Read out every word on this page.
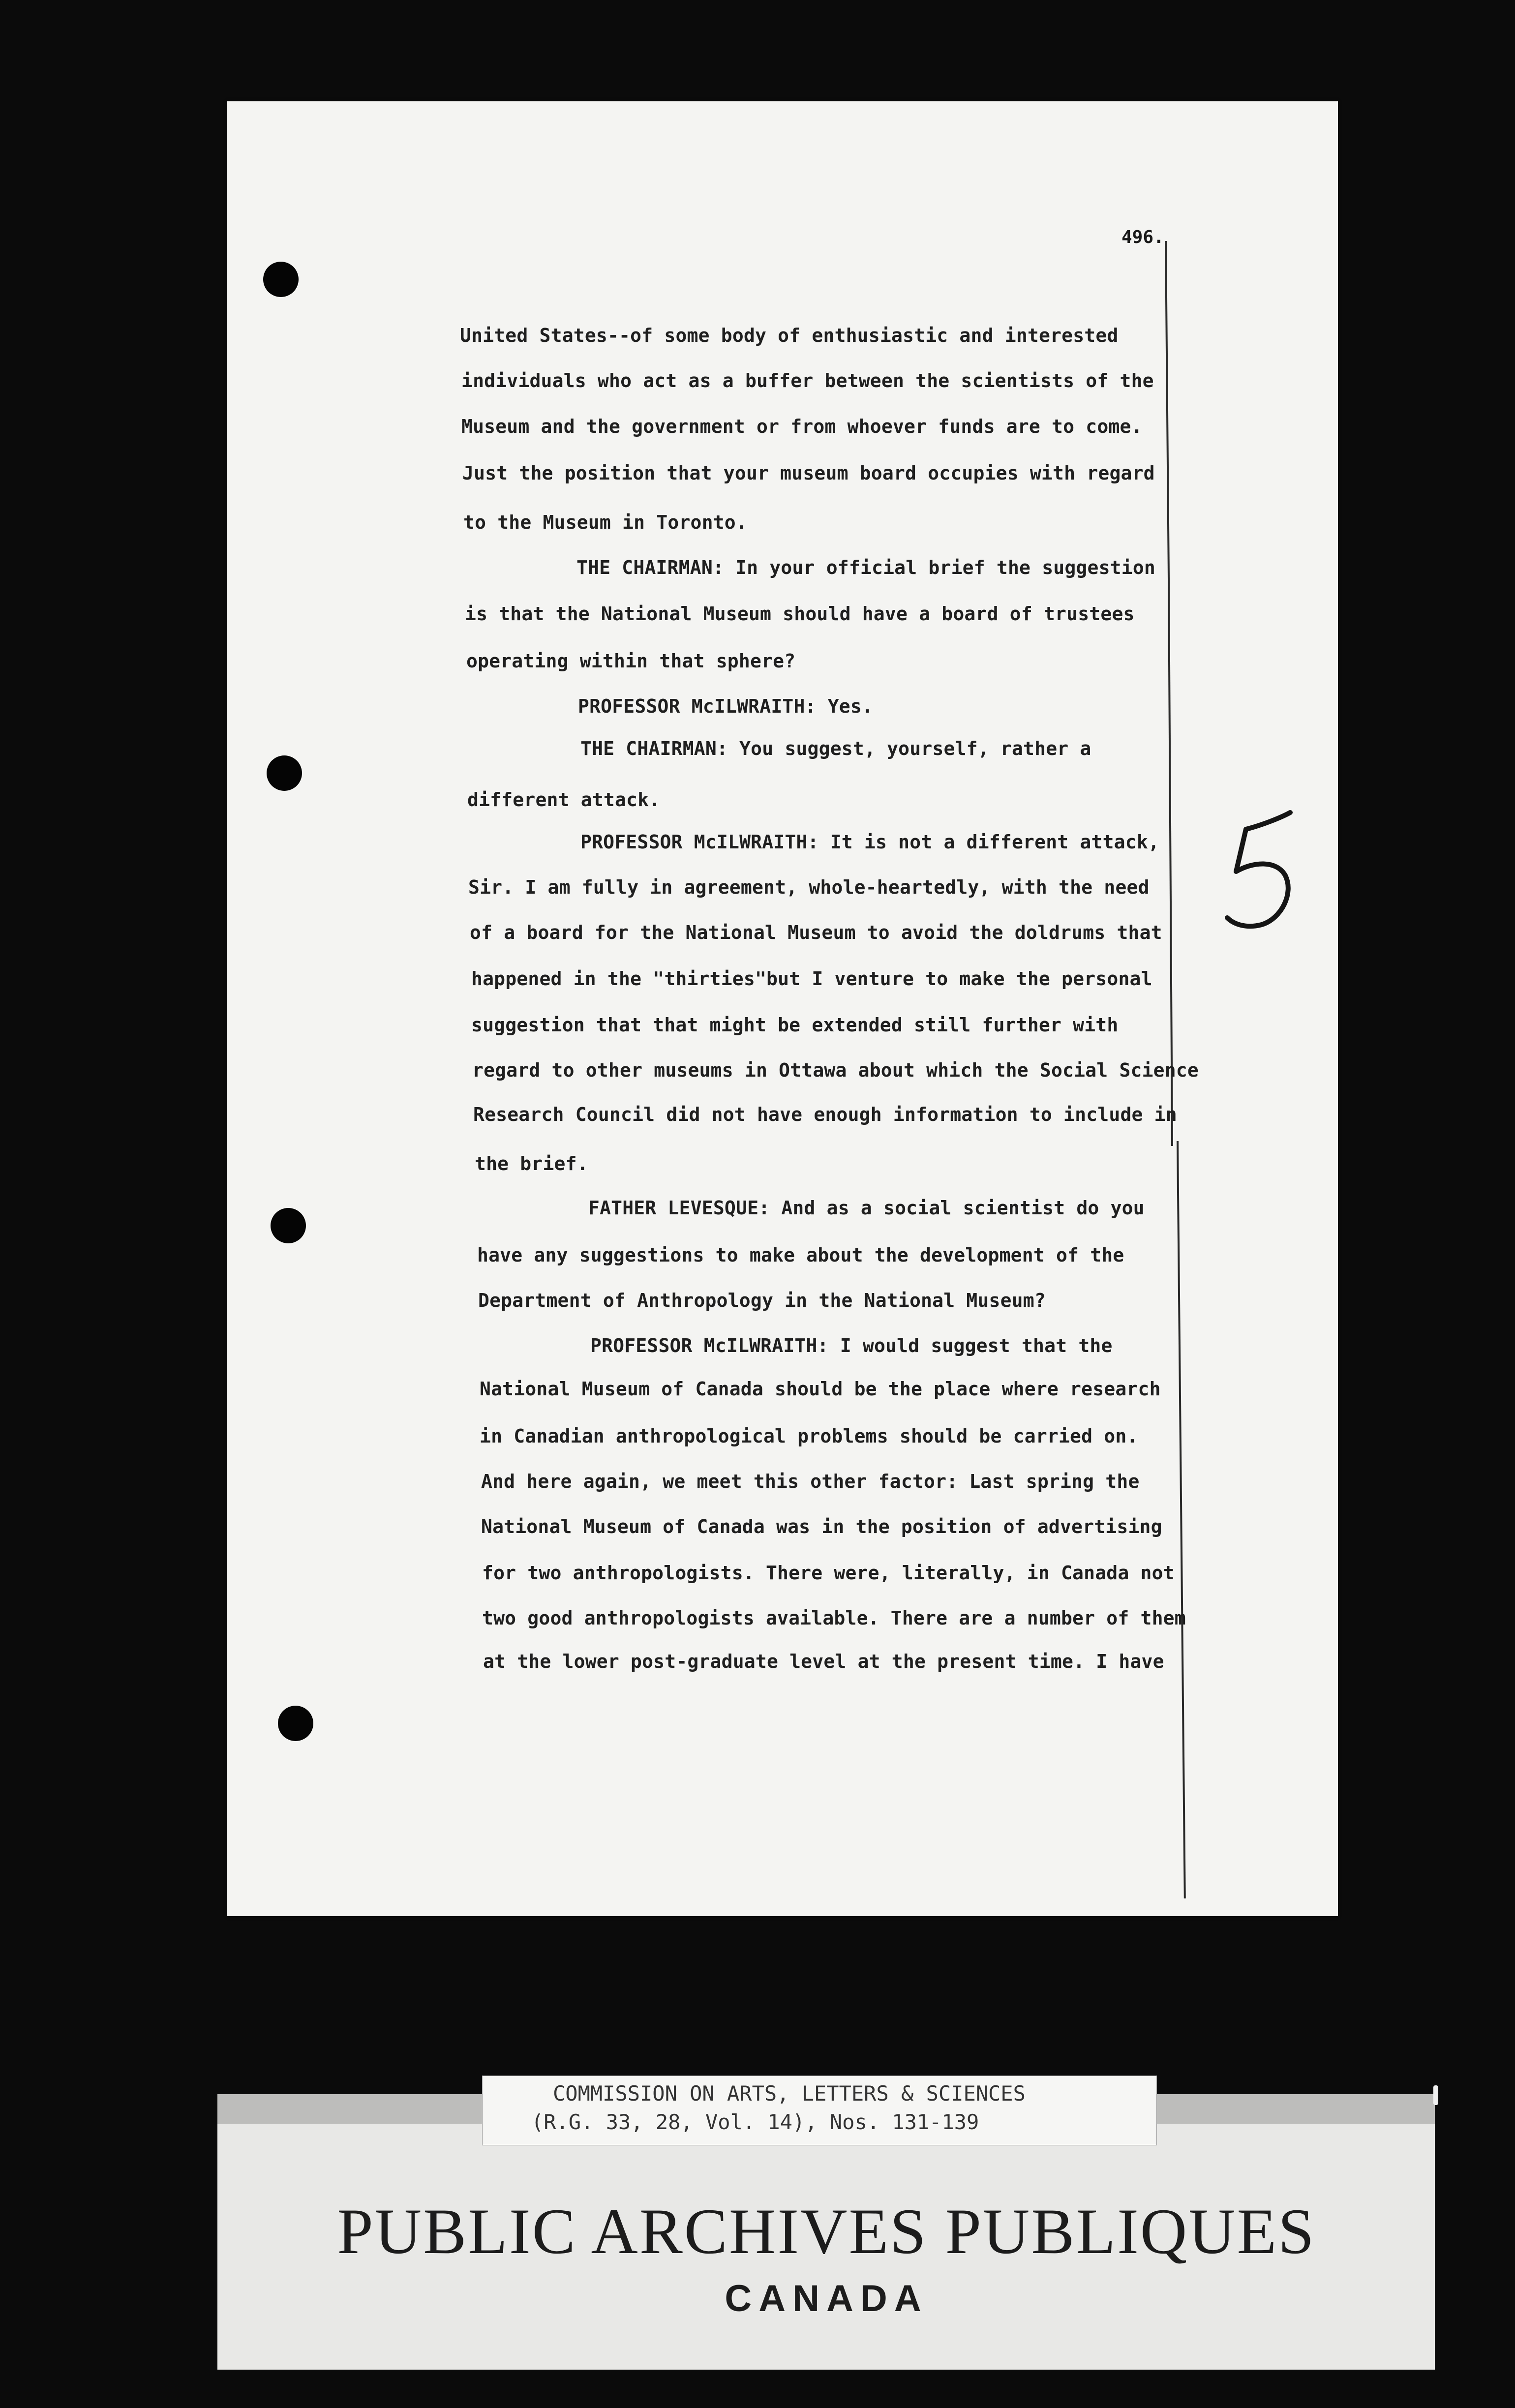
496.
United States--of some body of enthusiastic and interested
individuals who act as a buffer between the scientists of the
Museum and the government or from whoever funds are to come.
Just the position that your museum board occupies with regard
to the Museum in Toronto.
THE CHAIRMAN: In your official brief the suggestion
is that the National Museum should have a board of trustees
operating within that sphere?
PROFESSOR McILWRAITH: Yes.
THE CHAIRMAN: You suggest, yourself, rather a
different attack.
PROFESSOR McILWRAITH: It is not a different attack,
Sir. I am fully in agreement, whole-heartedly, with the need
of a board for the National Museum to avoid the doldrums that
happened in the "thirties"but I venture to make the personal
suggestion that that might be extended still further with
regard to other museums in Ottawa about which the Social Science
Research Council did not have enough information to include in
the brief.
FATHER LEVESQUE: And as a social scientist do you
have any suggestions to make about the development of the
Department of Anthropology in the National Museum?
PROFESSOR McILWRAITH: I would suggest that the
National Museum of Canada should be the place where research
in Canadian anthropological problems should be carried on.
And here again, we meet this other factor: Last spring the
National Museum of Canada was in the position of advertising
for two anthropologists. There were, literally, in Canada not
two good anthropologists available. There are a number of them
at the lower post-graduate level at the present time. I have
COMMISSION ON ARTS, LETTERS & SCIENCES
(R.G. 33, 28, Vol. 14), Nos. 131-139
PUBLIC ARCHIVES PUBLIQUES
CANADA
